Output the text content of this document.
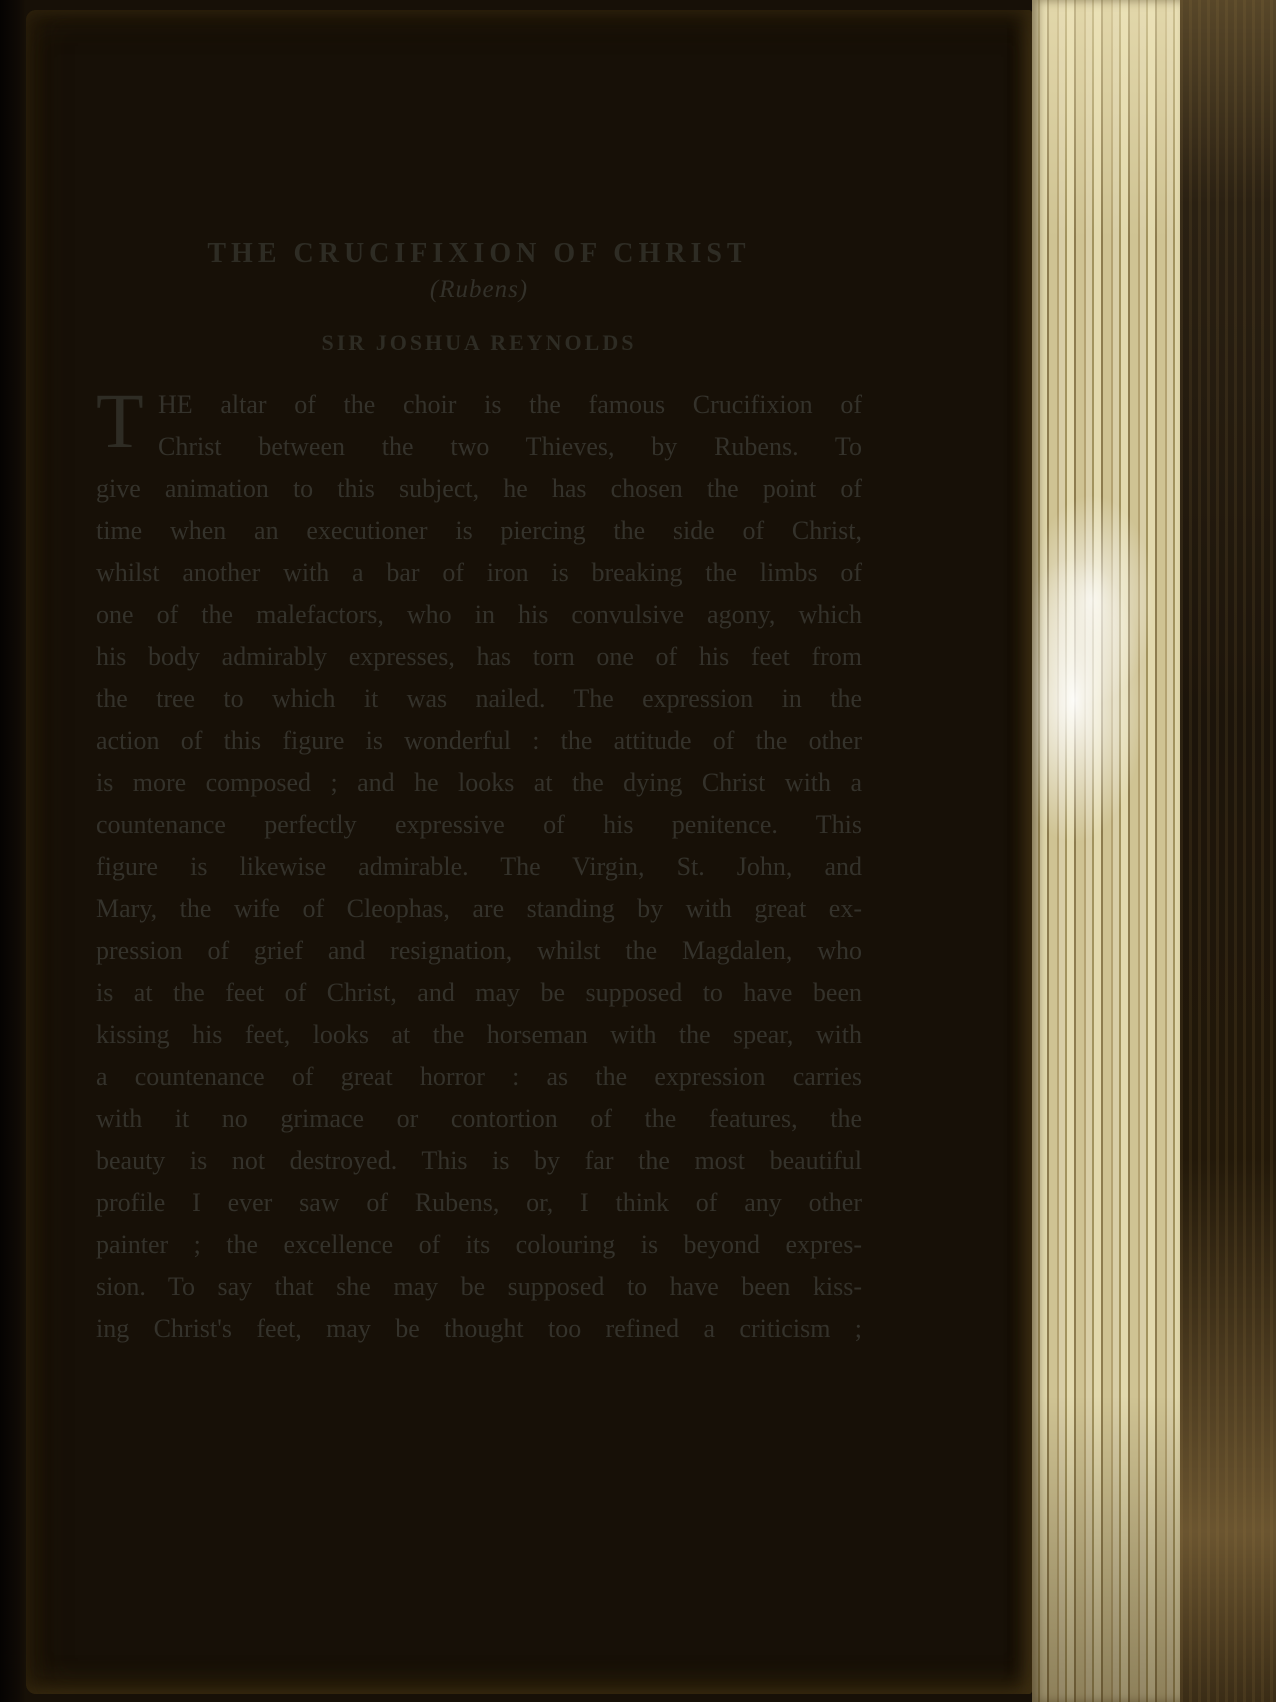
THE CRUCIFIXION OF CHRIST
(Rubens)
SIR JOSHUA REYNOLDS
T HE altar of the choir is the famous Crucifixion of
Christ between the two Thieves, by Rubens. To
give animation to this subject, he has chosen the point of
time when an executioner is piercing the side of Christ,
whilst another with a bar of iron is breaking the limbs of
one of the malefactors, who in his convulsive agony, which
his body admirably expresses, has torn one of his feet from
the tree to which it was nailed. The expression in the
action of this figure is wonderful : the attitude of the other
is more composed ; and he looks at the dying Christ with a
countenance perfectly expressive of his penitence. This
figure is likewise admirable. The Virgin, St. John, and
Mary, the wife of Cleophas, are standing by with great ex-
pression of grief and resignation, whilst the Magdalen, who
is at the feet of Christ, and may be supposed to have been
kissing his feet, looks at the horseman with the spear, with
a countenance of great horror : as the expression carries
with it no grimace or contortion of the features, the
beauty is not destroyed. This is by far the most beautiful
profile I ever saw of Rubens, or, I think of any other
painter ; the excellence of its colouring is beyond expres-
sion. To say that she may be supposed to have been kiss-
ing Christ's feet, may be thought too refined a criticism ;
